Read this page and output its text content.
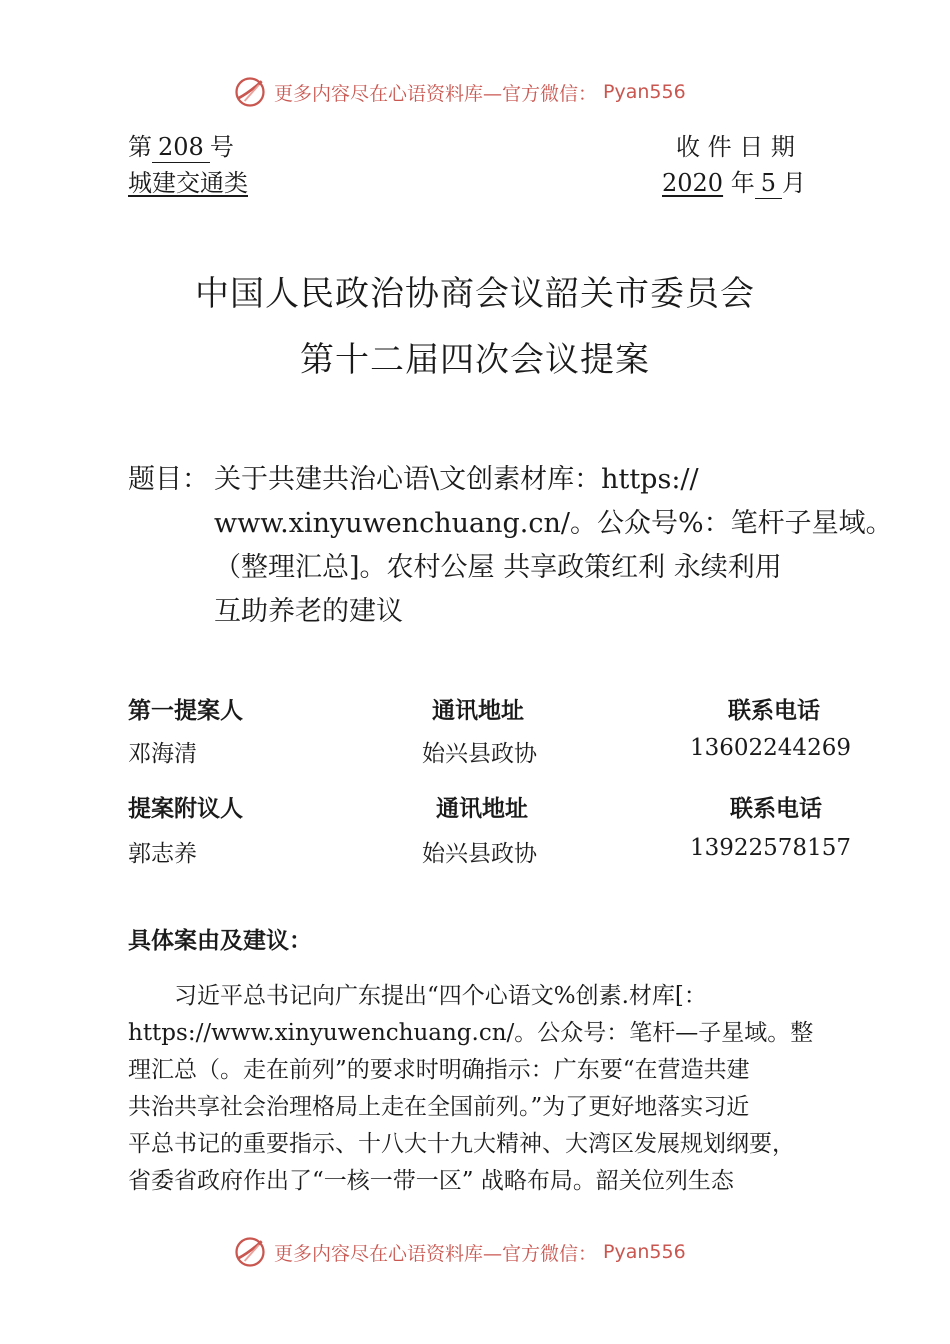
更多内容尽在心语资料库—官方微信： Pyan556
第 208 号
城建交通类
收 件 日 期
2020 年 5 月
中国人民政治协商会议韶关市委员会
第十二届四次会议提案
题目： 关于共建共治心语\文创素材库：https://
www.xinyuwenchuang.cn/。公众号%：笔杆子星域。
（整理汇总]。农村公屋 共享政策红利 永续利用
互助养老的建议
第一提案人	通讯地址	联系电话
邓海清	始兴县政协	13602244269
提案附议人	通讯地址	联系电话
郭志养	始兴县政协	13922578157
具体案由及建议：
习近平总书记向广东提出“四个心语文%创素.材库[：
https://www.xinyuwenchuang.cn/。公众号：笔杆—子星域。整
理汇总（。走在前列”的要求时明确指示：广东要“在营造共建
共治共享社会治理格局上走在全国前列。”为了更好地落实习近
平总书记的重要指示、十八大十九大精神、大湾区发展规划纲要，
省委省政府作出了“一核一带一区” 战略布局。韶关位列生态
更多内容尽在心语资料库—官方微信： Pyan556
